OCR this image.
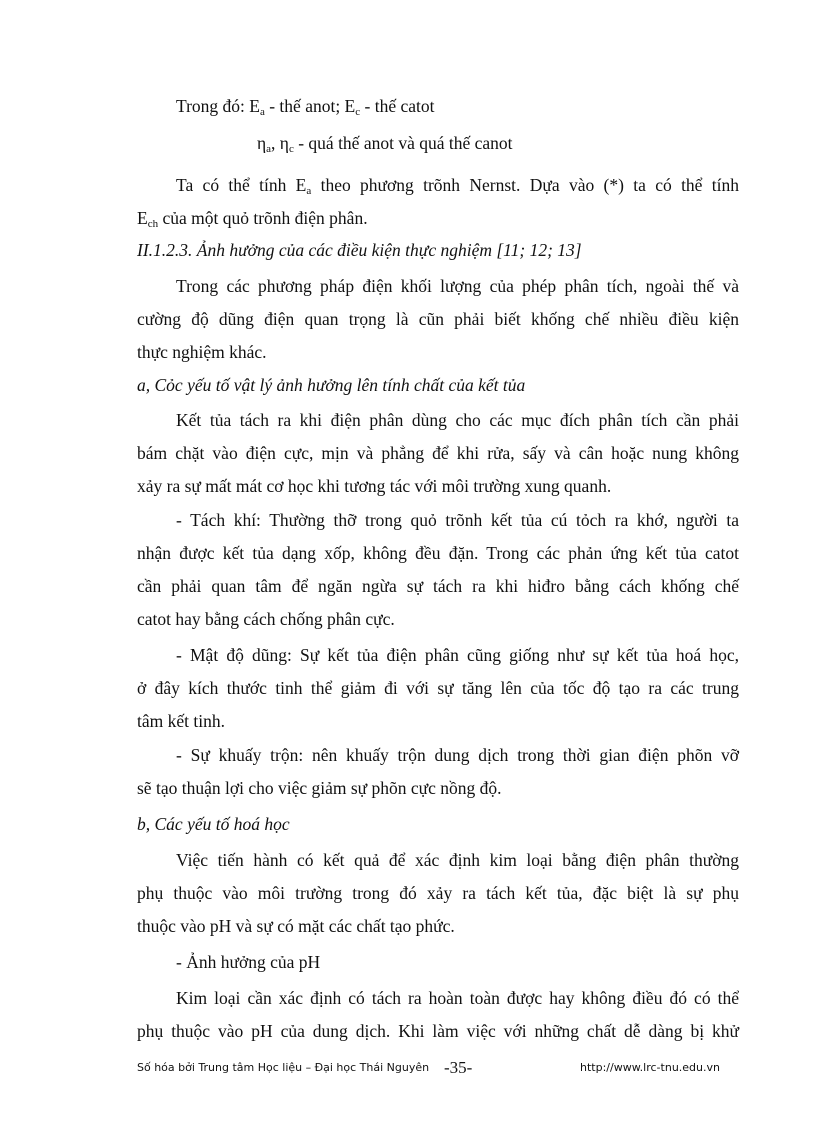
Trong đó: $E_a$ - thế anot; $E_c$ - thế catot
$\eta_a$, $\eta_c$ - quá thế anot và quá thế canot
Ta có thể tính $E_a$ theo phương trõnh Nernst. Dựa vào (*) ta có thể tính
$E_{ch}$ của một quỏ trõnh điện phân.
II.1.2.3. Ảnh hưởng của các điều kiện thực nghiệm [11; 12; 13]
Trong các phương pháp điện khối lượng của phép phân tích, ngoài thế và
cường độ dũng điện quan trọng là cũn phải biết khống chế nhiều điều kiện
thực nghiệm khác.
a, Cỏc yếu tố vật lý ảnh hưởng lên tính chất của kết tủa
Kết tủa tách ra khi điện phân dùng cho các mục đích phân tích cần phải
bám chặt vào điện cực, mịn và phẳng để khi rửa, sấy và cân hoặc nung không
xảy ra sự mất mát cơ học khi tương tác với môi trường xung quanh.
- Tách khí: Thường thỡ trong quỏ trõnh kết tủa cú tỏch ra khớ, người ta
nhận được kết tủa dạng xốp, không đều đặn. Trong các phản ứng kết tủa catot
cần phải quan tâm để ngăn ngừa sự tách ra khi hiđro bằng cách khống chế
catot hay bằng cách chống phân cực.
- Mật độ dũng: Sự kết tủa điện phân cũng giống như sự kết tủa hoá học,
ở đây kích thước tinh thể giảm đi với sự tăng lên của tốc độ tạo ra các trung
tâm kết tinh.
- Sự khuấy trộn: nên khuấy trộn dung dịch trong thời gian điện phõn vỡ
sẽ tạo thuận lợi cho việc giảm sự phõn cực nồng độ.
b, Các yếu tố hoá học
Việc tiến hành có kết quả để xác định kim loại bằng điện phân thường
phụ thuộc vào môi trường trong đó xảy ra tách kết tủa, đặc biệt là sự phụ
thuộc vào pH và sự có mặt các chất tạo phức.
- Ảnh hưởng của pH
Kim loại cần xác định có tách ra hoàn toàn được hay không điều đó có thể
phụ thuộc vào pH của dung dịch. Khi làm việc với những chất dễ dàng bị khử
Số hóa bởi Trung tâm Học liệu – Đại học Thái Nguyên -35-	http://www.lrc-tnu.edu.vn
